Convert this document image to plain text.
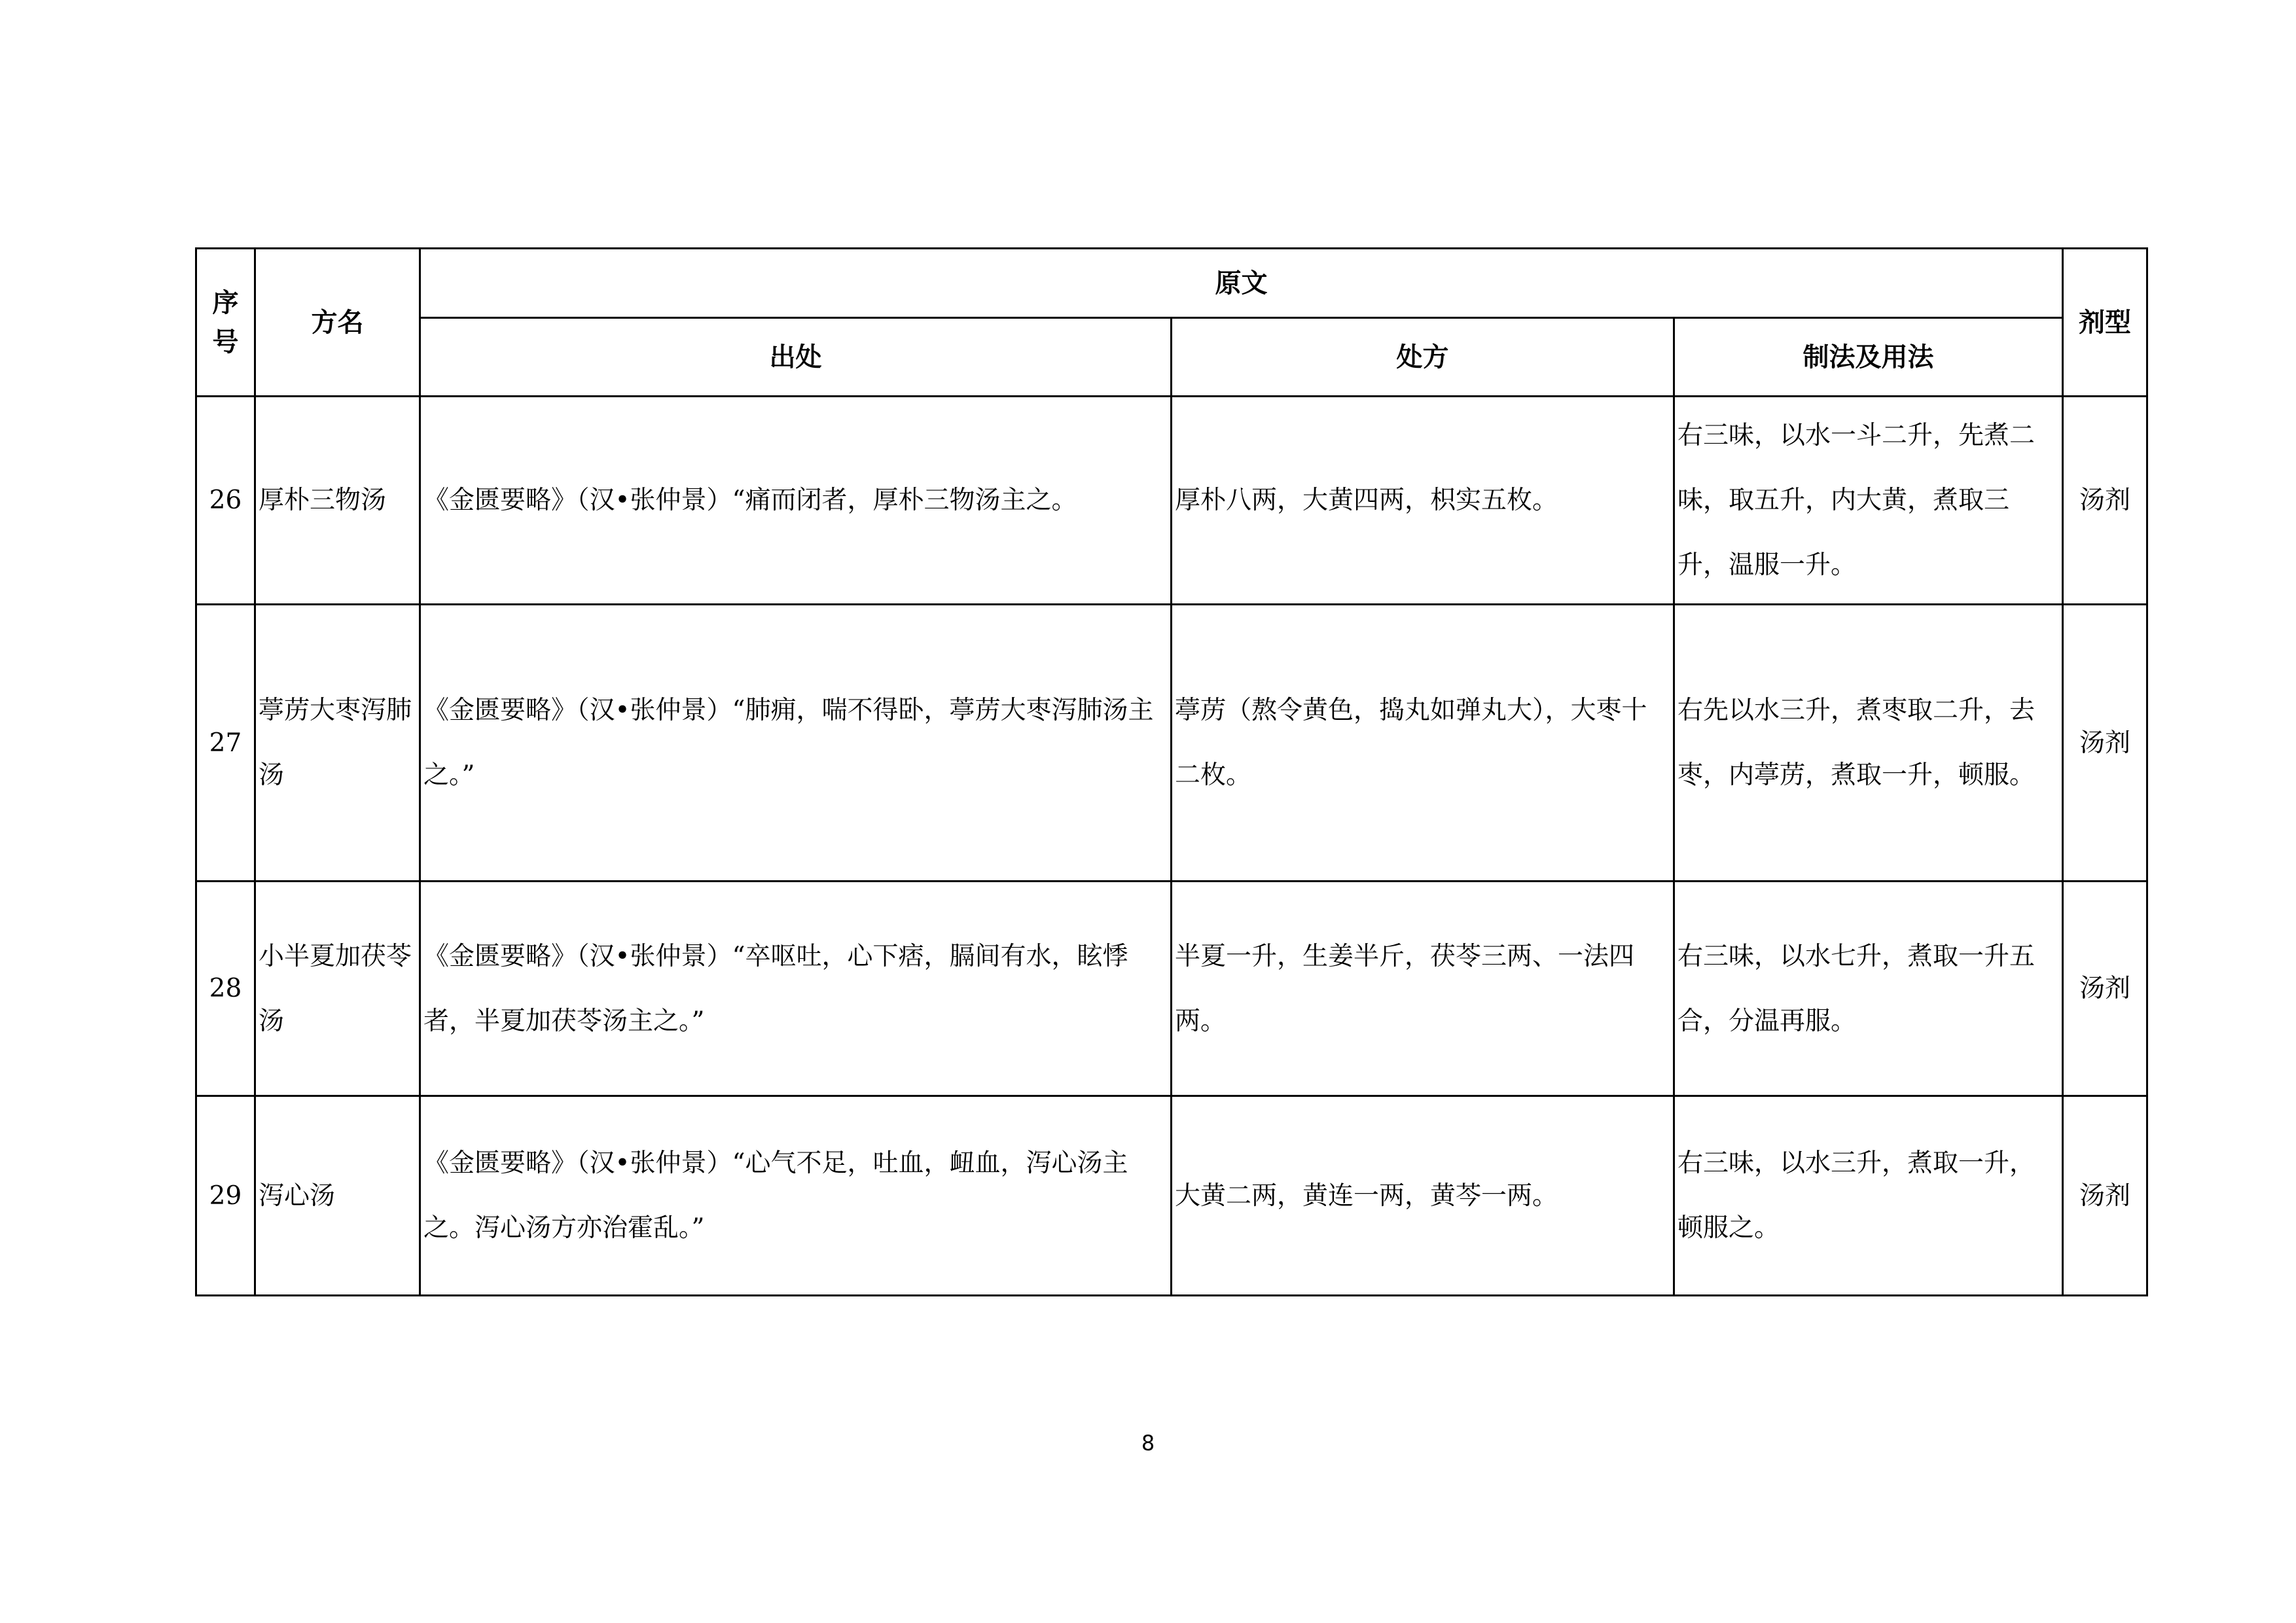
序号	方名	原文			剂型
		出处	处方	制法及用法	
26	厚朴三物汤	《金匮要略》（汉•张仲景）“痛而闭者，厚朴三物汤主之。	厚朴八两，大黄四两，枳实五枚。	右三味，以水一斗二升，先煮二味，取五升，内大黄，煮取三升，温服一升。	汤剂
27	葶苈大枣泻肺汤	《金匮要略》（汉•张仲景）“肺痈，喘不得卧，葶苈大枣泻肺汤主之。”	葶苈（熬令黄色，捣丸如弹丸大），大枣十二枚。	右先以水三升，煮枣取二升，去枣，内葶苈，煮取一升，顿服。	汤剂
28	小半夏加茯苓汤	《金匮要略》（汉•张仲景）“卒呕吐，心下痞，膈间有水，眩悸者，半夏加茯苓汤主之。”	半夏一升，生姜半斤，茯苓三两、一法四两。	右三味，以水七升，煮取一升五合，分温再服。	汤剂
29	泻心汤	《金匮要略》（汉•张仲景）“心气不足，吐血，衄血，泻心汤主之。泻心汤方亦治霍乱。”	大黄二两，黄连一两，黄芩一两。	右三味，以水三升，煮取一升，顿服之。	汤剂
8
